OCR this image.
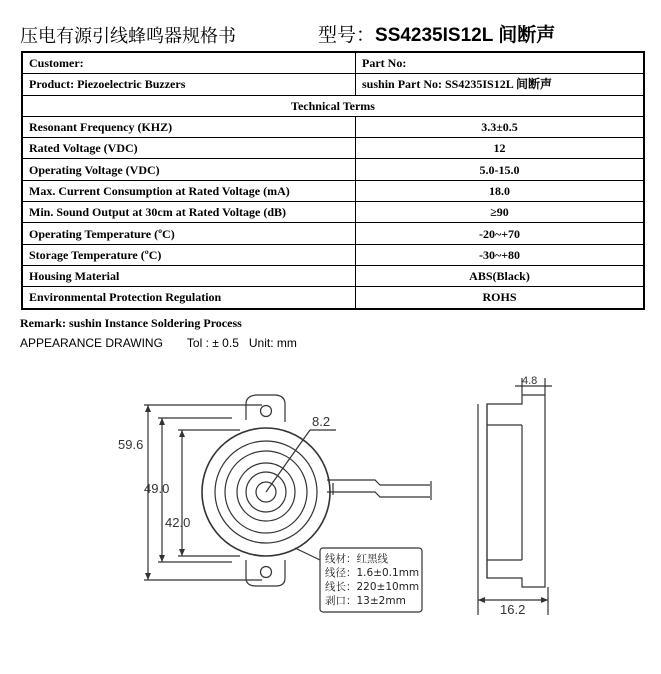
压电有源引线蜂鸣器规格书	型号：SS4235IS12L 间断声
Customer:	Part No:
Product: Piezoelectric Buzzers	sushin Part No: SS4235IS12L 间断声
Technical Terms	
Resonant Frequency (KHZ)	3.3±0.5
Rated Voltage (VDC)	12
Operating Voltage (VDC)	5.0-15.0
Max. Current Consumption at Rated Voltage (mA)	18.0
Min. Sound Output at 30cm at Rated Voltage (dB)	≥90
Operating Temperature (ºC)	-20~+70
Storage Temperature (ºC)	-30~+80
Housing Material	ABS(Black)
Environmental Protection Regulation	ROHS
Remark: sushin Instance Soldering Process
APPEARANCE DRAWING Tol : ± 0.5 Unit: mm
59.6
49.0
42.0
8.2
4.8
16.2
线材：红黑线
线径：1.6±0.1mm
线长：220±10mm
剥口：13±2mm
